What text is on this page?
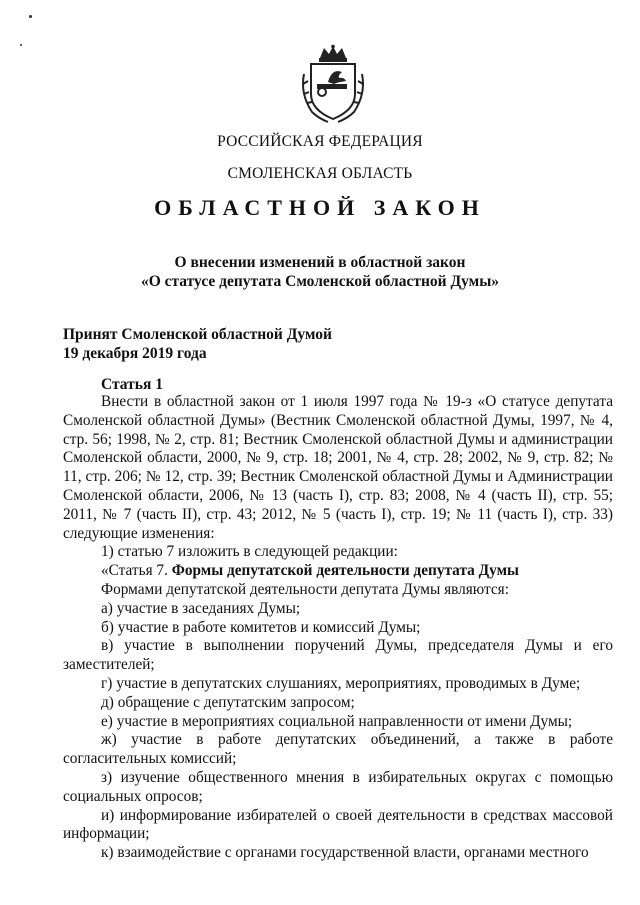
РОССИЙСКАЯ ФЕДЕРАЦИЯ
СМОЛЕНСКАЯ ОБЛАСТЬ
ОБЛАСТНОЙ ЗАКОН
О внесении изменений в областной закон
«О статусе депутата Смоленской областной Думы»
Принят Смоленской областной Думой
19 декабря 2019 года
Статья 1

Внести в областной закон от 1 июля 1997 года № 19-з «О статусе депутата Смоленской областной Думы» (Вестник Смоленской областной Думы, 1997, № 4, стр. 56; 1998, № 2, стр. 81; Вестник Смоленской областной Думы и администрации Смоленской области, 2000, № 9, стр. 18; 2001, № 4, стр. 28; 2002, № 9, стр. 82; № 11, стр. 206; № 12, стр. 39; Вестник Смоленской областной Думы и Администрации Смоленской области, 2006, № 13 (часть I), стр. 83; 2008, № 4 (часть II), стр. 55; 2011, № 7 (часть II), стр. 43; 2012, № 5 (часть I), стр. 19; № 11 (часть I), стр. 33) следующие изменения:

1) статью 7 изложить в следующей редакции:

«Статья 7. Формы депутатской деятельности депутата Думы

Формами депутатской деятельности депутата Думы являются:

а) участие в заседаниях Думы;

б) участие в работе комитетов и комиссий Думы;

в) участие в выполнении поручений Думы, председателя Думы и его заместителей;

г) участие в депутатских слушаниях, мероприятиях, проводимых в Думе;

д) обращение с депутатским запросом;

е) участие в мероприятиях социальной направленности от имени Думы;

ж) участие в работе депутатских объединений, а также в работе согласительных комиссий;

з) изучение общественного мнения в избирательных округах с помощью социальных опросов;

и) информирование избирателей о своей деятельности в средствах массовой информации;

к) взаимодействие с органами государственной власти, органами местного
